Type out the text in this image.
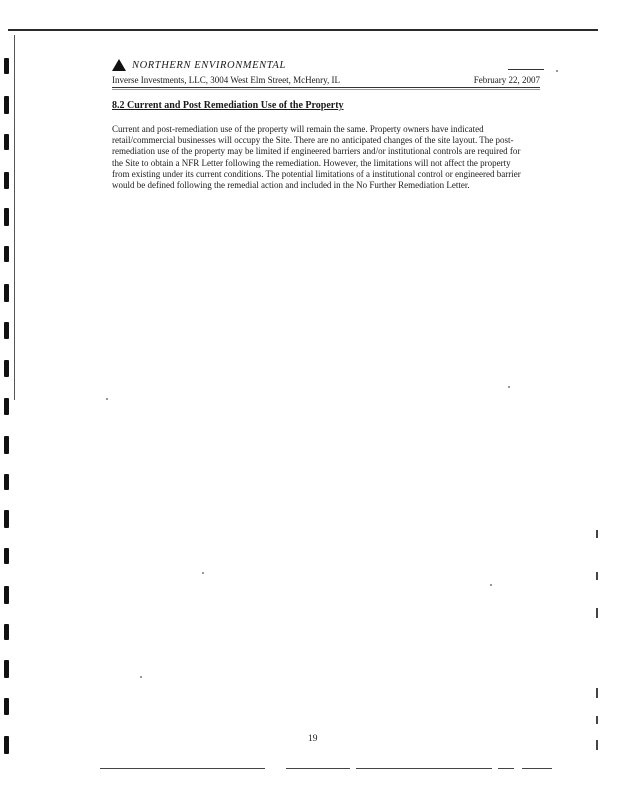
NORTHERN ENVIRONMENTAL
Inverse Investments, LLC, 3004 West Elm Street, McHenry, IL	February 22, 2007
8.2 Current and Post Remediation Use of the Property
Current and post-remediation use of the property will remain the same. Property owners have indicated retail/commercial businesses will occupy the Site. There are no anticipated changes of the site layout. The post-remediation use of the property may be limited if engineered barriers and/or institutional controls are required for the Site to obtain a NFR Letter following the remediation. However, the limitations will not affect the property from existing under its current conditions. The potential limitations of a institutional control or engineered barrier would be defined following the remedial action and included in the No Further Remediation Letter.
19
